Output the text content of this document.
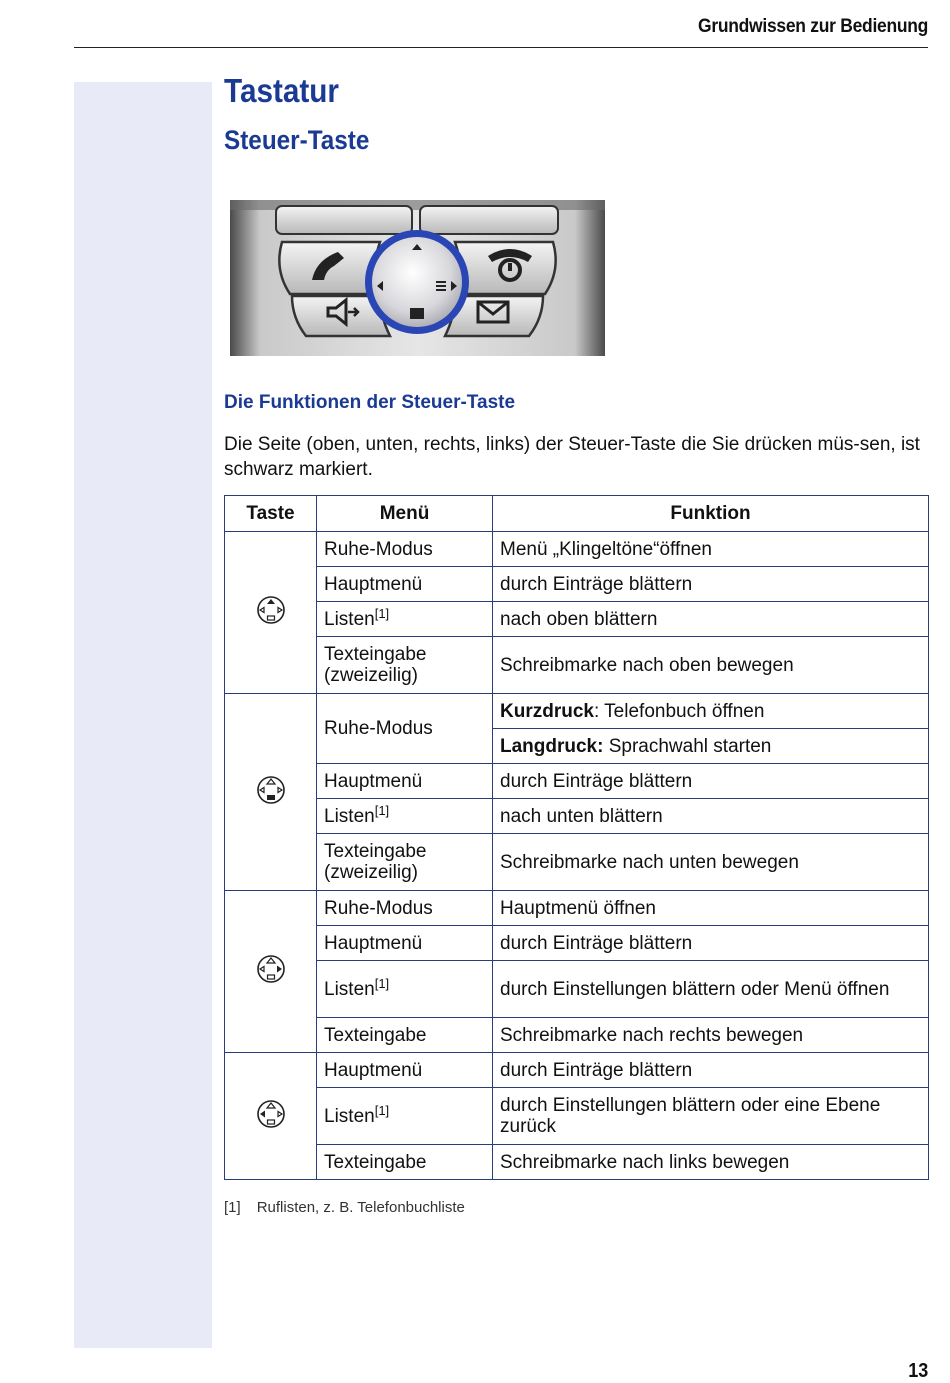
Grundwissen zur Bedienung
Tastatur
Steuer-Taste
Die Funktionen der Steuer-Taste
Die Seite (oben, unten, rechts, links) der Steuer-Taste die Sie drücken müs-sen, ist schwarz markiert.
Taste	Menü	Funktion
	Ruhe-Modus	Menü „Klingeltöne“öffnen
	Hauptmenü	durch Einträge blättern
	Listen[1]	nach oben blättern
	Texteingabe (zweizeilig)	Schreibmarke nach oben bewegen
	Ruhe-Modus	Kurzdruck: Telefonbuch öffnen
		Langdruck: Sprachwahl starten
	Hauptmenü	durch Einträge blättern
	Listen[1]	nach unten blättern
	Texteingabe (zweizeilig)	Schreibmarke nach unten bewegen
	Ruhe-Modus	Hauptmenü öffnen
	Hauptmenü	durch Einträge blättern
	Listen[1]	durch Einstellungen blättern oder Menü öffnen
	Texteingabe	Schreibmarke nach rechts bewegen
	Hauptmenü	durch Einträge blättern
	Listen[1]	durch Einstellungen blättern oder eine Ebene zurück
	Texteingabe	Schreibmarke nach links bewegen
[1] Ruflisten, z. B. Telefonbuchliste
13
